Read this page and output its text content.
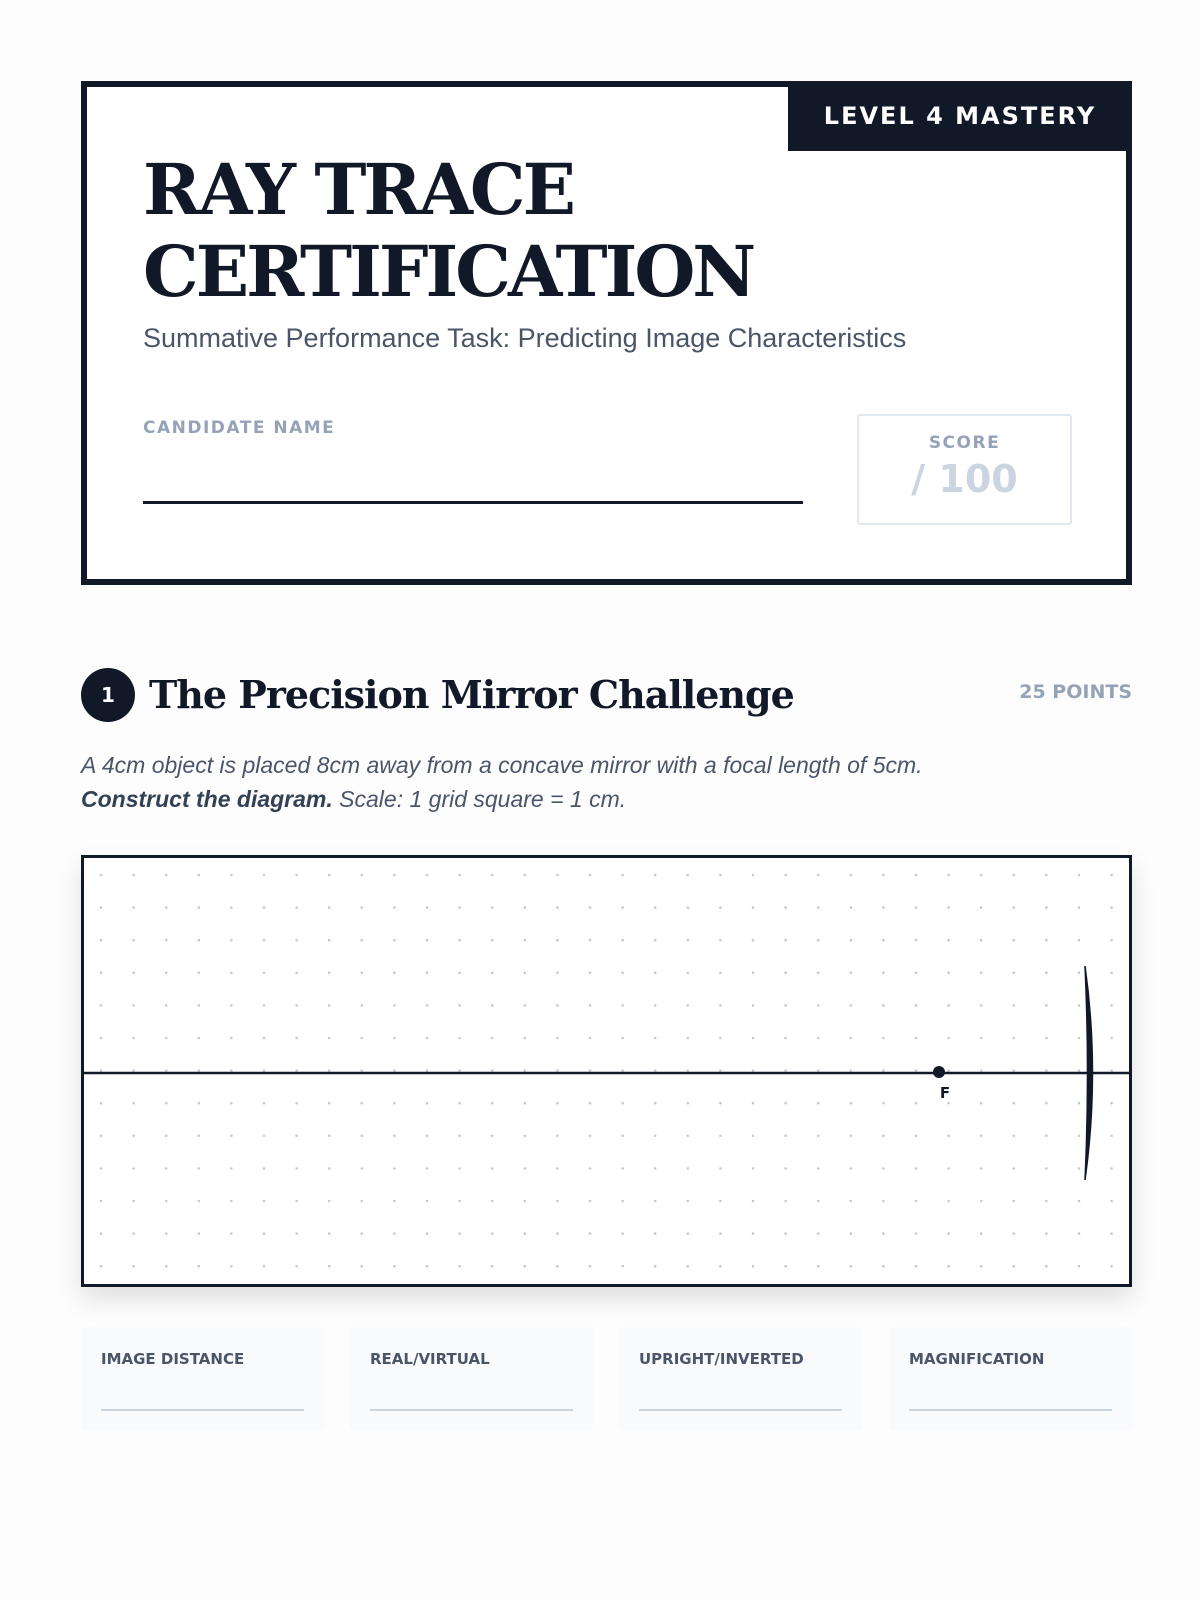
LEVEL 4 MASTERY
RAY TRACE
CERTIFICATION

Summative Performance Task: Predicting Image Characteristics

CANDIDATE NAME
SCORE
/ 100
1 The Precision Mirror Challenge	25 POINTS

A 4cm object is placed 8cm away from a concave mirror with a focal length of 5cm.
Construct the diagram. Scale: 1 grid square = 1 cm.

F
IMAGE DISTANCE	REAL/VIRTUAL	UPRIGHT/INVERTED	MAGNIFICATION
